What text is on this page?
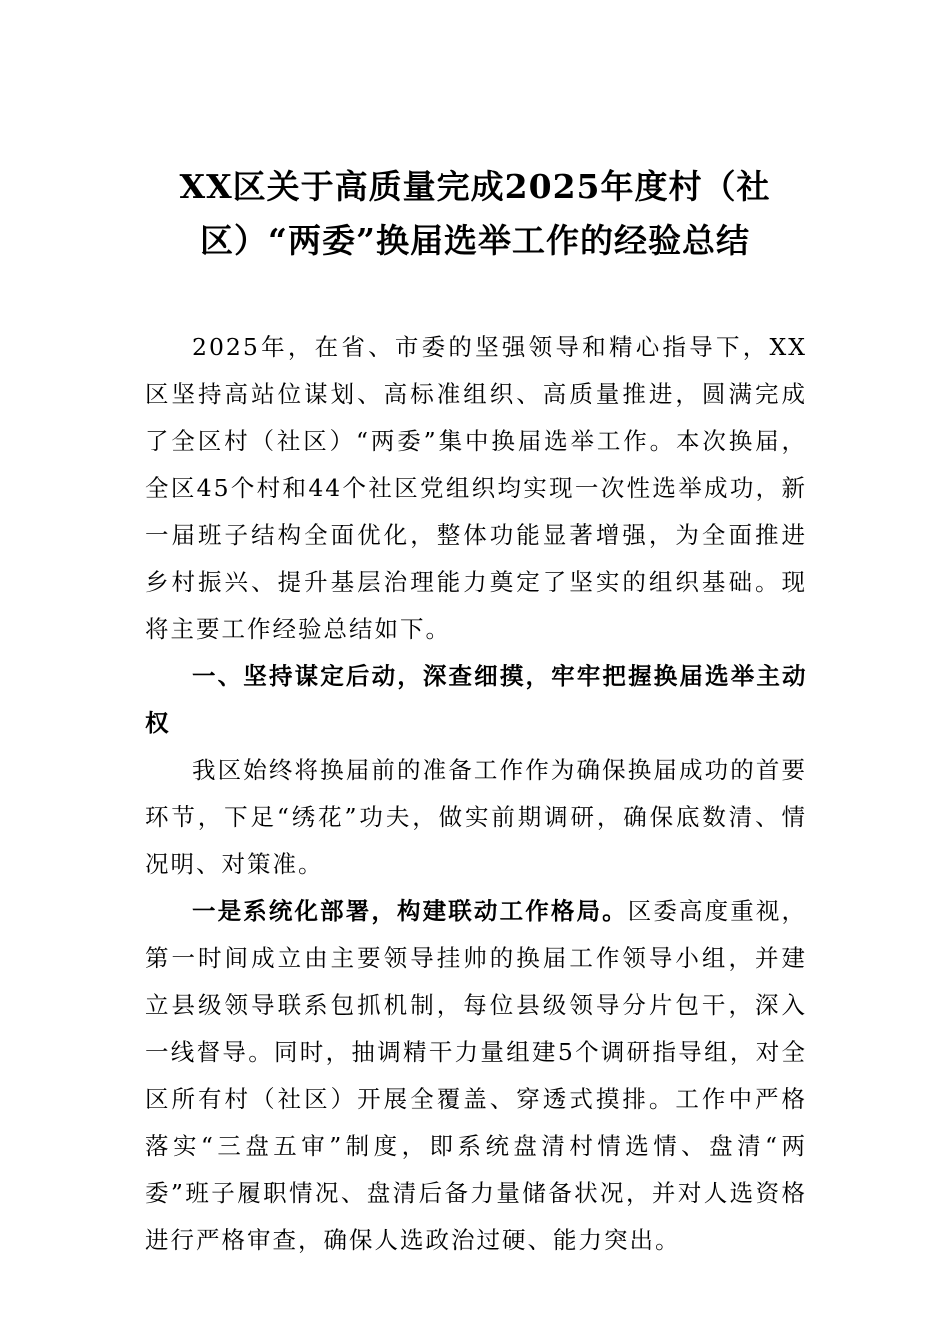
XX区关于高质量完成2025年度村（社区）“两委”换届选举工作的经验总结

2025年，在省、市委的坚强领导和精心指导下，XX区坚持高站位谋划、高标准组织、高质量推进，圆满完成了全区村（社区）“两委”集中换届选举工作。本次换届，全区45个村和44个社区党组织均实现一次性选举成功，新一届班子结构全面优化，整体功能显著增强，为全面推进乡村振兴、提升基层治理能力奠定了坚实的组织基础。现将主要工作经验总结如下。

一、坚持谋定后动，深查细摸，牢牢把握换届选举主动权

我区始终将换届前的准备工作作为确保换届成功的首要环节，下足“绣花”功夫，做实前期调研，确保底数清、情况明、对策准。

一是系统化部署，构建联动工作格局。区委高度重视，第一时间成立由主要领导挂帅的换届工作领导小组，并建立县级领导联系包抓机制，每位县级领导分片包干，深入一线督导。同时，抽调精干力量组建5个调研指导组，对全区所有村（社区）开展全覆盖、穿透式摸排。工作中严格落实“三盘五审”制度，即系统盘清村情选情、盘清“两委”班子履职情况、盘清后备力量储备状况，并对人选资格进行严格审查，确保人选政治过硬、能力突出。
